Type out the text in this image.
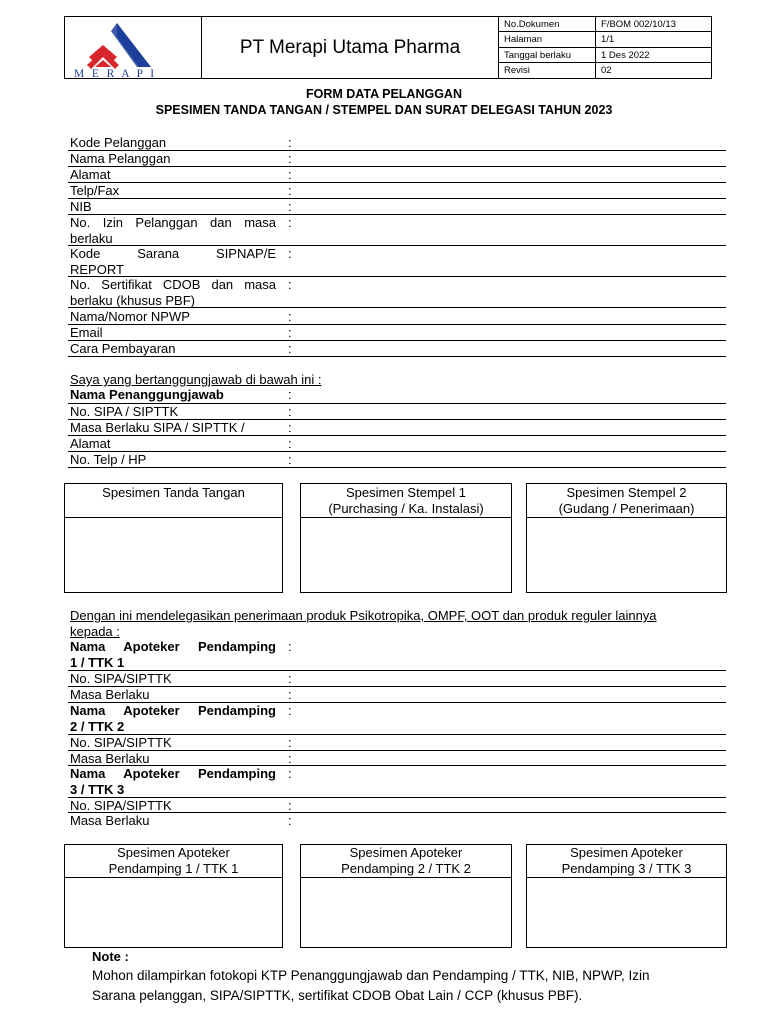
M E R A P I
PT Merapi Utama Pharma
No.Dokumen	F/BOM 002/10/13
Halaman	1/1
Tanggal berlaku	1 Des 2022
Revisi	02
FORM DATA PELANGGAN
SPESIMEN TANDA TANGAN / STEMPEL DAN SURAT DELEGASI TAHUN 2023
Kode Pelanggan	:
Nama Pelanggan	:
Alamat	:
Telp/Fax	:
NIB	:
No. Izin Pelanggan dan masa
berlaku
:
Kode Sarana SIPNAP/E
REPORT
:
No. Sertifikat CDOB dan masa
berlaku (khusus PBF)
:
Nama/Nomor NPWP	:
Email	:
Cara Pembayaran	:
Saya yang bertanggungjawab di bawah ini :
Nama Penanggungjawab	:
No. SIPA / SIPTTK	:
Masa Berlaku SIPA / SIPTTK /	:
Alamat	:
No. Telp / HP	:
Spesimen Tanda Tangan	Spesimen Stempel 1
(Purchasing / Ka. Instalasi)
Spesimen Stempel 2
(Gudang / Penerimaan)
Dengan ini mendelegasikan penerimaan produk Psikotropika, OMPF, OOT dan produk reguler lainnya
kepada :
Nama Apoteker Pendamping
1 / TTK 1
:
No. SIPA/SIPTTK	:
Masa Berlaku	:
Nama Apoteker Pendamping
2 / TTK 2
:
No. SIPA/SIPTTK	:
Masa Berlaku	:
Nama Apoteker Pendamping
3 / TTK 3
:
No. SIPA/SIPTTK	:
Masa Berlaku	:
Spesimen Apoteker
Pendamping 1 / TTK 1
Spesimen Apoteker
Pendamping 2 / TTK 2
Spesimen Apoteker
Pendamping 3 / TTK 3
Note :
Mohon dilampirkan fotokopi KTP Penanggungjawab dan Pendamping / TTK, NIB, NPWP, Izin
Sarana pelanggan, SIPA/SIPTTK, sertifikat CDOB Obat Lain / CCP (khusus PBF).
